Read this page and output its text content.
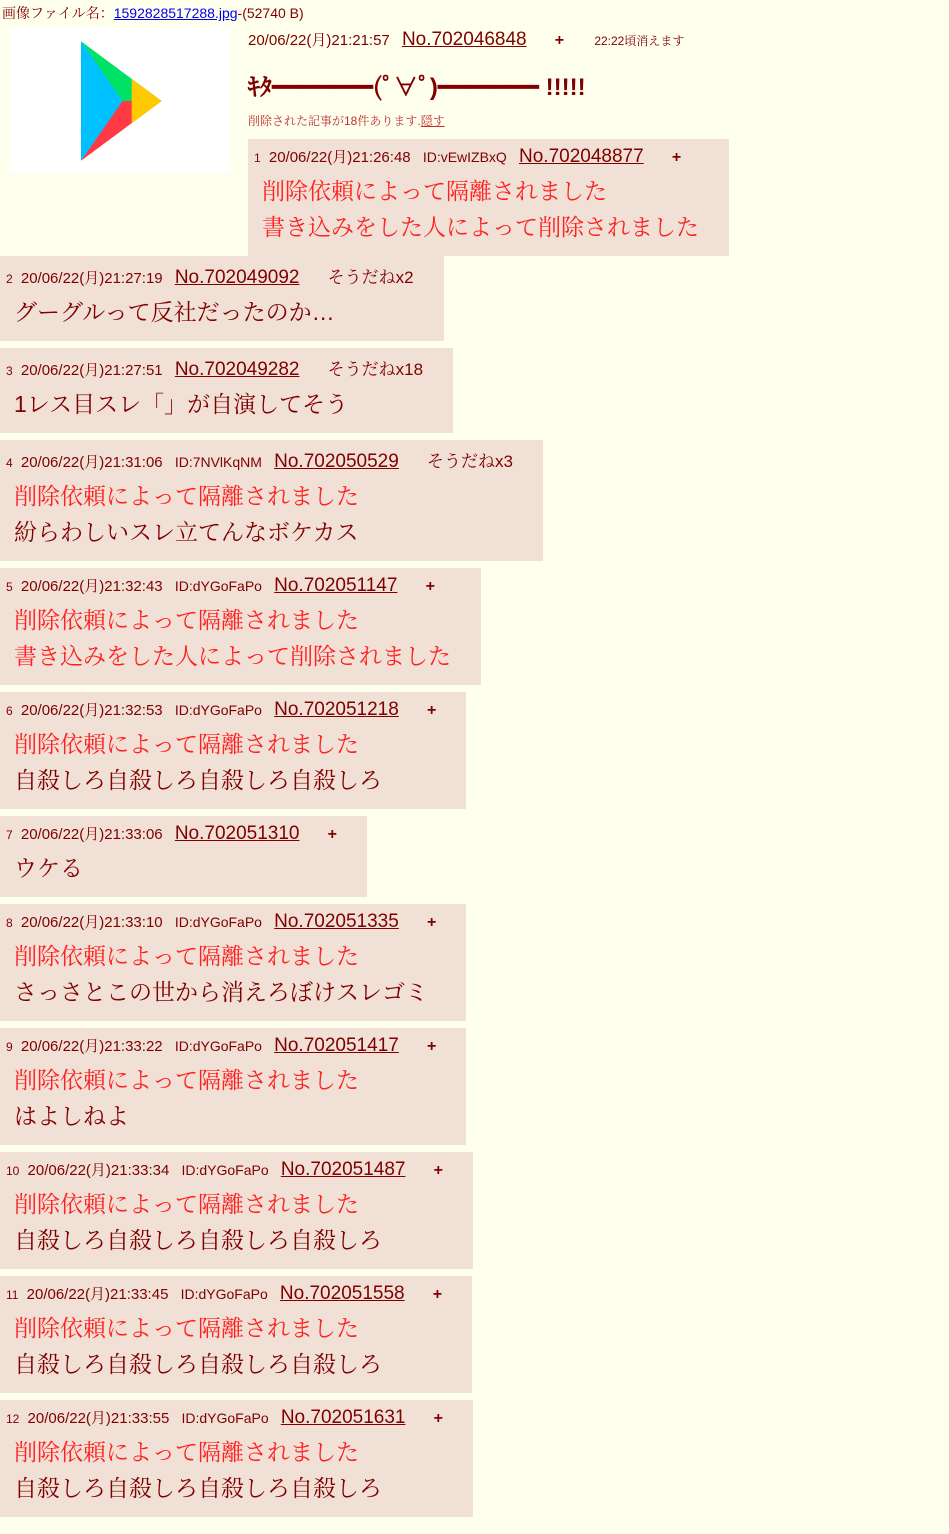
画像ファイル名：1592828517288.jpg-(52740 B)
20/06/22(月)21:21:57 No.702046848 +	22:22頃消えます
ｷﾀ━━━━━━━(ﾟ∀ﾟ)━━━━━━━ !!!!!
削除された記事が18件あります.隠す
1 20/06/22(月)21:26:48 ID:vEwIZBxQ No.702048877 +
削除依頼によって隔離されました
書き込みをした人によって削除されました
2 20/06/22(月)21:27:19 No.702049092 そうだねx2
グーグルって反社だったのか…
3 20/06/22(月)21:27:51 No.702049282 そうだねx18
1レス目スレ「」が自演してそう
4 20/06/22(月)21:31:06 ID:7NVlKqNM No.702050529 そうだねx3
削除依頼によって隔離されました
紛らわしいスレ立てんなボケカス
5 20/06/22(月)21:32:43 ID:dYGoFaPo No.702051147 +
削除依頼によって隔離されました
書き込みをした人によって削除されました
6 20/06/22(月)21:32:53 ID:dYGoFaPo No.702051218 +
削除依頼によって隔離されました
自殺しろ自殺しろ自殺しろ自殺しろ
7 20/06/22(月)21:33:06 No.702051310 +
ウケる
8 20/06/22(月)21:33:10 ID:dYGoFaPo No.702051335 +
削除依頼によって隔離されました
さっさとこの世から消えろぼけスレゴミ
9 20/06/22(月)21:33:22 ID:dYGoFaPo No.702051417 +
削除依頼によって隔離されました
はよしねよ
10 20/06/22(月)21:33:34 ID:dYGoFaPo No.702051487 +
削除依頼によって隔離されました
自殺しろ自殺しろ自殺しろ自殺しろ
11 20/06/22(月)21:33:45 ID:dYGoFaPo No.702051558 +
削除依頼によって隔離されました
自殺しろ自殺しろ自殺しろ自殺しろ
12 20/06/22(月)21:33:55 ID:dYGoFaPo No.702051631 +
削除依頼によって隔離されました
自殺しろ自殺しろ自殺しろ自殺しろ
